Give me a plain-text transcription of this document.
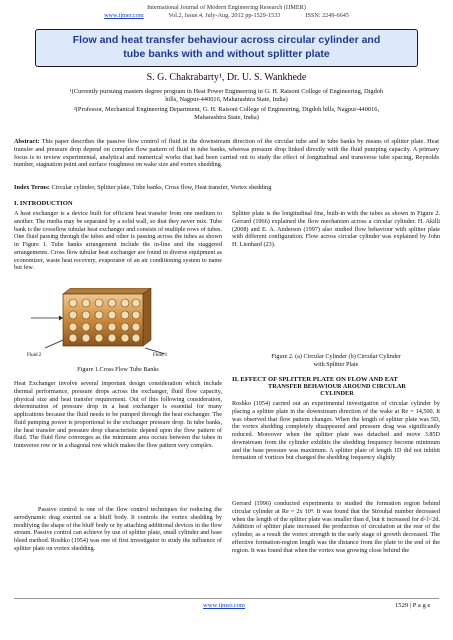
International Journal of Modern Engineering Research (IJMER)
www.ijmer.com	Vol.2, Issue.4, July-Aug. 2012 pp-1529-1533	ISSN: 2249-6645
Flow and heat transfer behaviour across circular cylinder and
tube banks with and without splitter plate
S. G. Chakrabarty¹, Dr. U. S. Wankhede
¹(Currently pursuing masters degree program in Heat Power Engineering in G. H. Raisoni College of Engineering, Digdoh
hills, Nagpur-440016, Maharashtra State, India)
²(Professor, Mechanical Engineering Department, G. H. Raisoni College of Engineering, Digdoh hills, Nagpur-440016,
Maharashtra State, India)
Abstract: This paper describes the passive flow control of fluid in the downstream direction of the circular tube and in tube banks by means of splitter plate. Heat transfer and pressure drop depend on complex flow pattern of fluid in tube banks, whereas pressure drop linked directly with the fluid pumping capacity. A primary focus is to review experimental, analytical and numerical works that had been carried out to study the effect of longitudinal and transverse tube spacing, Reynolds number, stagnation point and surface roughness on wake size and vortex shedding.
Index Terms: Circular cylinder, Splitter plate, Tube banks, Cross flow, Heat transfer, Vortex shedding
I. INTRODUCTION
A heat exchanger is a device built for efficient heat transfer from one medium to another. The media may be separated by a solid wall, so that they never mix. Tube bank is the crossflow tubular heat exchanger and consists of multiple rows of tubes. One fluid passing through the tubes and other is passing across the tubes as shown in Figure 1. Tube banks arrangement include the in-line and the staggered arrangements. Cross flow tubular heat exchanger are found in diverse equipment as economizer, waste heat recovery, evaporator of an air conditioning system to name but few.
Fluid 2	Fluid 1
Figure 1.Cross Flow Tube Banks
Heat Exchanger involve several important design consideration which include thermal performance, pressure drops across the exchanger, fluid flow capacity, physical size and heat transfer requirement. Out of this following consideration, determination of pressure drop in a heat exchanger is essential for many applications because the fluid needs to be pumped through the heat exchanger. The fluid pumping power is proportional to the exchanger pressure drop. In tube banks, the heat transfer and pressure drop characteristic depend upon the flow pattern of fluid. The fluid flow converges as the minimum area occurs between the tubes in transverse row or in a diagonal row which makes the flow pattern very complex.
Passive control is one of the flow control techniques for reducing the aerodynamic drag exerted on a bluff body. It controls the vortex shedding by modifying the shape of the bluff body or by attaching additional devices in the flow stream. Passive control can achieve by use of splitter plate, small cylinder and base bleed method. Roshko (1954) was one of first investigator to study the influence of splitter plate on vortex shedding.
Splitter plate is the longitudinal fins, built-in with the tubes as shown in Figure 2. Gerrard (1966) explained the flow mechanism across a circular cylinder. H. Akilli (2008) and E. A. Anderson (1997) also studied flow behaviour with splitter plate with different configuration. Flow across circular cylinder was explained by John H. Lienhard (23).
Figure 2. (a) Circular Cylinder (b) Circular Cylinder
with Splitter Plate
II. EFFECT OF SPLITTER PLATE ON FLOW AND EAT
TRANSFER BEHAVIOUR AROUND CIRCULAR
CYLINDER
Roshko (1954) carried out an experimental investigation of circular cylinder by placing a splitter plate in the downstream direction of the wake at Re = 14,500. It was observed that flow pattern changes. When the length of splitter plate was 5D, the vortex shedding completely disappeared and pressure drag was significantly reduced. Moreover when the splitter plate was detached and move 3.85D downstream from the cylinder exhibits the shedding frequency become minimum and the base pressure was maximum. A splitter plate of length 1D did not inhibit formation of vortices but changed the shedding frequency slightly
Gerrard (1996) conducted experiments to studied the formation region behind circular cylinder at Re = 2x 10⁴. It was found that the Strouhal number decreased when the length of the splitter plate was smaller than d, but it increased for d<l<2d. Addition of splitter plate increased the production of circulation at the rear of the cylinder, as a result the vortex strength in the early stage of growth decreased. The effective formation-region length was the distance from the plate to the end of the region. It was found that when the vortex was growing close behind the
www.ijmer.com	1529 | P a g e
